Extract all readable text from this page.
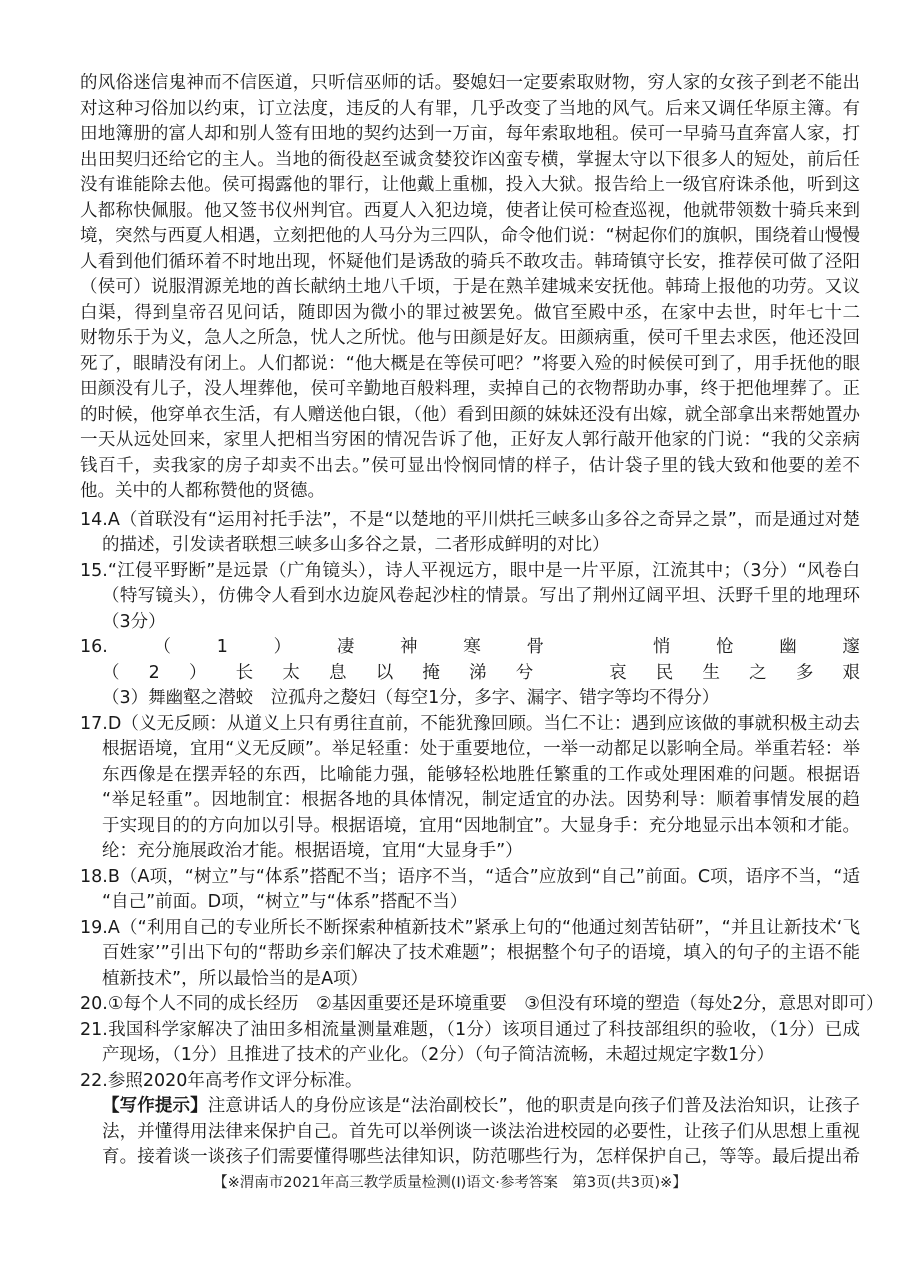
的风俗迷信鬼神而不信医道，只听信巫师的话。娶媳妇一定要索取财物，穷人家的女孩子到老不能出
对这种习俗加以约束，订立法度，违反的人有罪，几乎改变了当地的风气。后来又调任华原主簿。有
田地簿册的富人却和别人签有田地的契约达到一万亩，每年索取地租。侯可一早骑马直奔富人家，打
出田契归还给它的主人。当地的衙役赵至诚贪婪狡诈凶蛮专横，掌握太守以下很多人的短处，前后任
没有谁能除去他。侯可揭露他的罪行，让他戴上重枷，投入大狱。报告给上一级官府诛杀他，听到这
人都称快佩服。他又签书仪州判官。西夏人入犯边境，使者让侯可检查巡视，他就带领数十骑兵来到
境，突然与西夏人相遇，立刻把他的人马分为三四队，命令他们说：“树起你们的旗帜，围绕着山慢慢
人看到他们循环着不时地出现，怀疑他们是诱敌的骑兵不敢攻击。韩琦镇守长安，推荐侯可做了泾阳
（侯可）说服渭源羌地的酋长献纳土地八千顷，于是在熟羊建城来安抚他。韩琦上报他的功劳。又议
白渠，得到皇帝召见问话，随即因为微小的罪过被罢免。做官至殿中丞，在家中去世，时年七十二
财物乐于为义，急人之所急，忧人之所忧。他与田颜是好友。田颜病重，侯可千里去求医，他还没回
死了，眼睛没有闭上。人们都说：“他大概是在等侯可吧？”将要入殓的时候侯可到了，用手抚他的眼
田颜没有儿子，没人埋葬他，侯可辛勤地百般料理，卖掉自己的衣物帮助办事，终于把他埋葬了。正
的时候，他穿单衣生活，有人赠送他白银，（他）看到田颜的妹妹还没有出嫁，就全部拿出来帮她置办
一天从远处回来，家里人把相当穷困的情况告诉了他，正好友人郭行敲开他家的门说：“我的父亲病
钱百千，卖我家的房子却卖不出去。”侯可显出怜悯同情的样子，估计袋子里的钱大致和他要的差不
他。关中的人都称赞他的贤德。
14.A（首联没有“运用衬托手法”，不是“以楚地的平川烘托三峡多山多谷之奇异之景”，而是通过对楚
的描述，引发读者联想三峡多山多谷之景，二者形成鲜明的对比）
15.“江侵平野断”是远景（广角镜头），诗人平视远方，眼中是一片平原，江流其中；（3分）“风卷白
（特写镜头），仿佛令人看到水边旋风卷起沙柱的情景。写出了荆州辽阔平坦、沃野千里的地理环
（3分）
16.（1）凄神寒骨　悄怆幽邃
（2）长太息以掩涕兮　哀民生之多艰
（3）舞幽壑之潜蛟　泣孤舟之嫠妇（每空1分，多字、漏字、错字等均不得分）
17.D（义无反顾：从道义上只有勇往直前，不能犹豫回顾。当仁不让：遇到应该做的事就积极主动去
根据语境，宜用“义无反顾”。举足轻重：处于重要地位，一举一动都足以影响全局。举重若轻：举
东西像是在摆弄轻的东西，比喻能力强，能够轻松地胜任繁重的工作或处理困难的问题。根据语
“举足轻重”。因地制宜：根据各地的具体情况，制定适宜的办法。因势利导：顺着事情发展的趋
于实现目的的方向加以引导。根据语境，宜用“因地制宜”。大显身手：充分地显示出本领和才能。
纶：充分施展政治才能。根据语境，宜用“大显身手”）
18.B（A项，“树立”与“体系”搭配不当；语序不当，“适合”应放到“自己”前面。C项，语序不当，“适
“自己”前面。D项，“树立”与“体系”搭配不当）
19.A（“利用自己的专业所长不断探索种植新技术”紧承上句的“他通过刻苦钻研”，“并且让新技术‘飞
百姓家’”引出下句的“帮助乡亲们解决了技术难题”；根据整个句子的语境，填入的句子的主语不能
植新技术”，所以最恰当的是A项）
20.①每个人不同的成长经历　②基因重要还是环境重要　③但没有环境的塑造（每处2分，意思对即可）
21.我国科学家解决了油田多相流量测量难题，（1分）该项目通过了科技部组织的验收，（1分）已成
产现场，（1分）且推进了技术的产业化。（2分）（句子简洁流畅，未超过规定字数1分）
22.参照2020年高考作文评分标准。
【写作提示】注意讲话人的身份应该是“法治副校长”，他的职责是向孩子们普及法治知识，让孩子
法，并懂得用法律来保护自己。首先可以举例谈一谈法治进校园的必要性，让孩子们从思想上重视
育。接着谈一谈孩子们需要懂得哪些法律知识，防范哪些行为，怎样保护自己，等等。最后提出希
【※渭南市2021年高三教学质量检测(Ⅰ)语文·参考答案　第3页(共3页)※】
